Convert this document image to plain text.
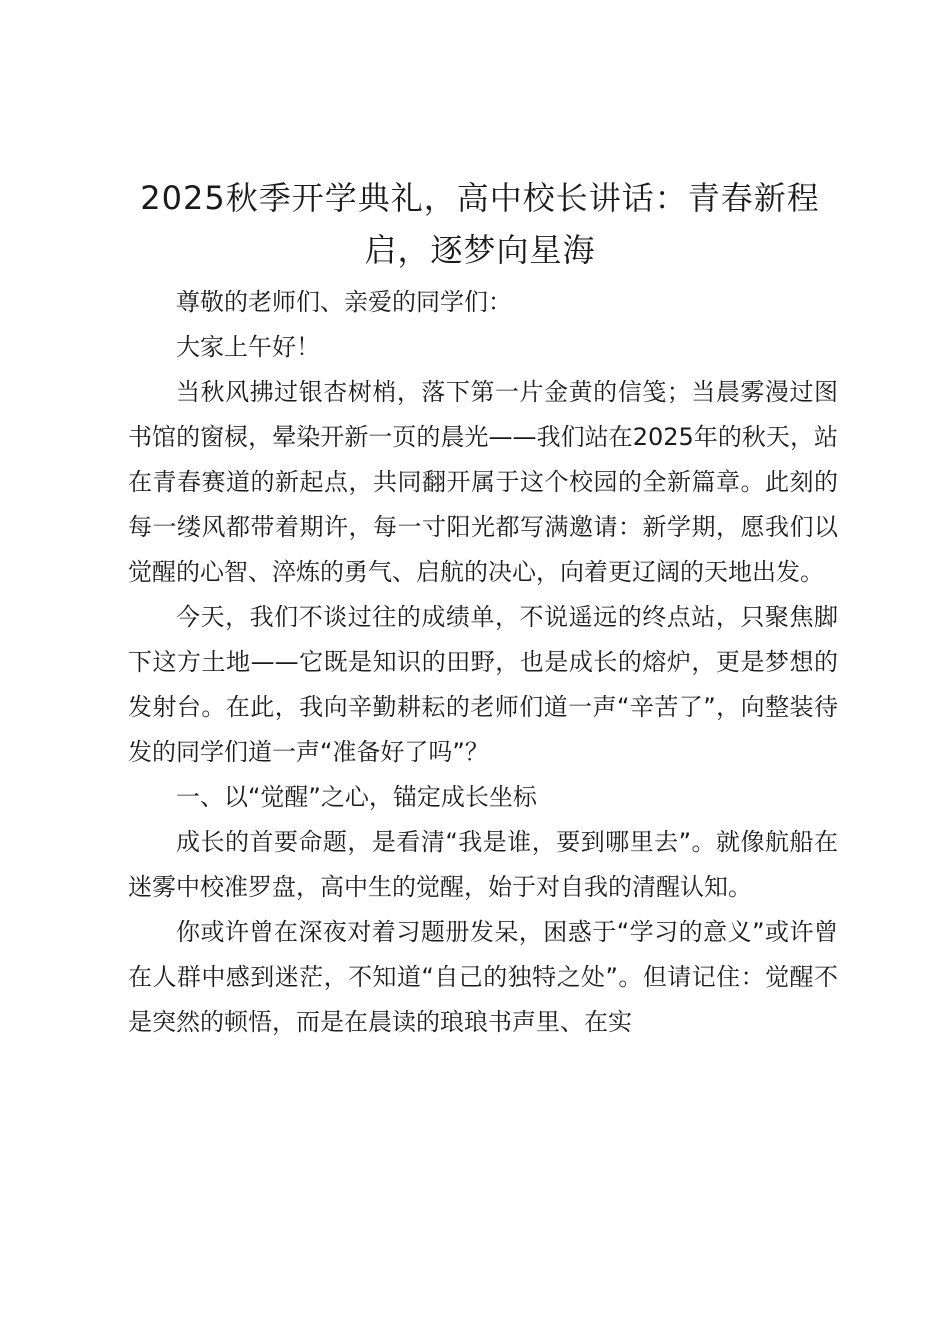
2025秋季开学典礼，高中校长讲话：青春新程启，逐梦向星海

尊敬的老师们、亲爱的同学们：

大家上午好！

当秋风拂过银杏树梢，落下第一片金黄的信笺；当晨雾漫过图书馆的窗棂，晕染开新一页的晨光——我们站在2025年的秋天，站在青春赛道的新起点，共同翻开属于这个校园的全新篇章。此刻的每一缕风都带着期许，每一寸阳光都写满邀请：新学期，愿我们以觉醒的心智、淬炼的勇气、启航的决心，向着更辽阔的天地出发。

今天，我们不谈过往的成绩单，不说遥远的终点站，只聚焦脚下这方土地——它既是知识的田野，也是成长的熔炉，更是梦想的发射台。在此，我向辛勤耕耘的老师们道一声“辛苦了”，向整装待发的同学们道一声“准备好了吗”？

一、以“觉醒”之心，锚定成长坐标

成长的首要命题，是看清“我是谁，要到哪里去”。就像航船在迷雾中校准罗盘，高中生的觉醒，始于对自我的清醒认知。

你或许曾在深夜对着习题册发呆，困惑于“学习的意义”或许曾在人群中感到迷茫，不知道“自己的独特之处”。但请记住：觉醒不是突然的顿悟，而是在晨读的琅琅书声里、在实
